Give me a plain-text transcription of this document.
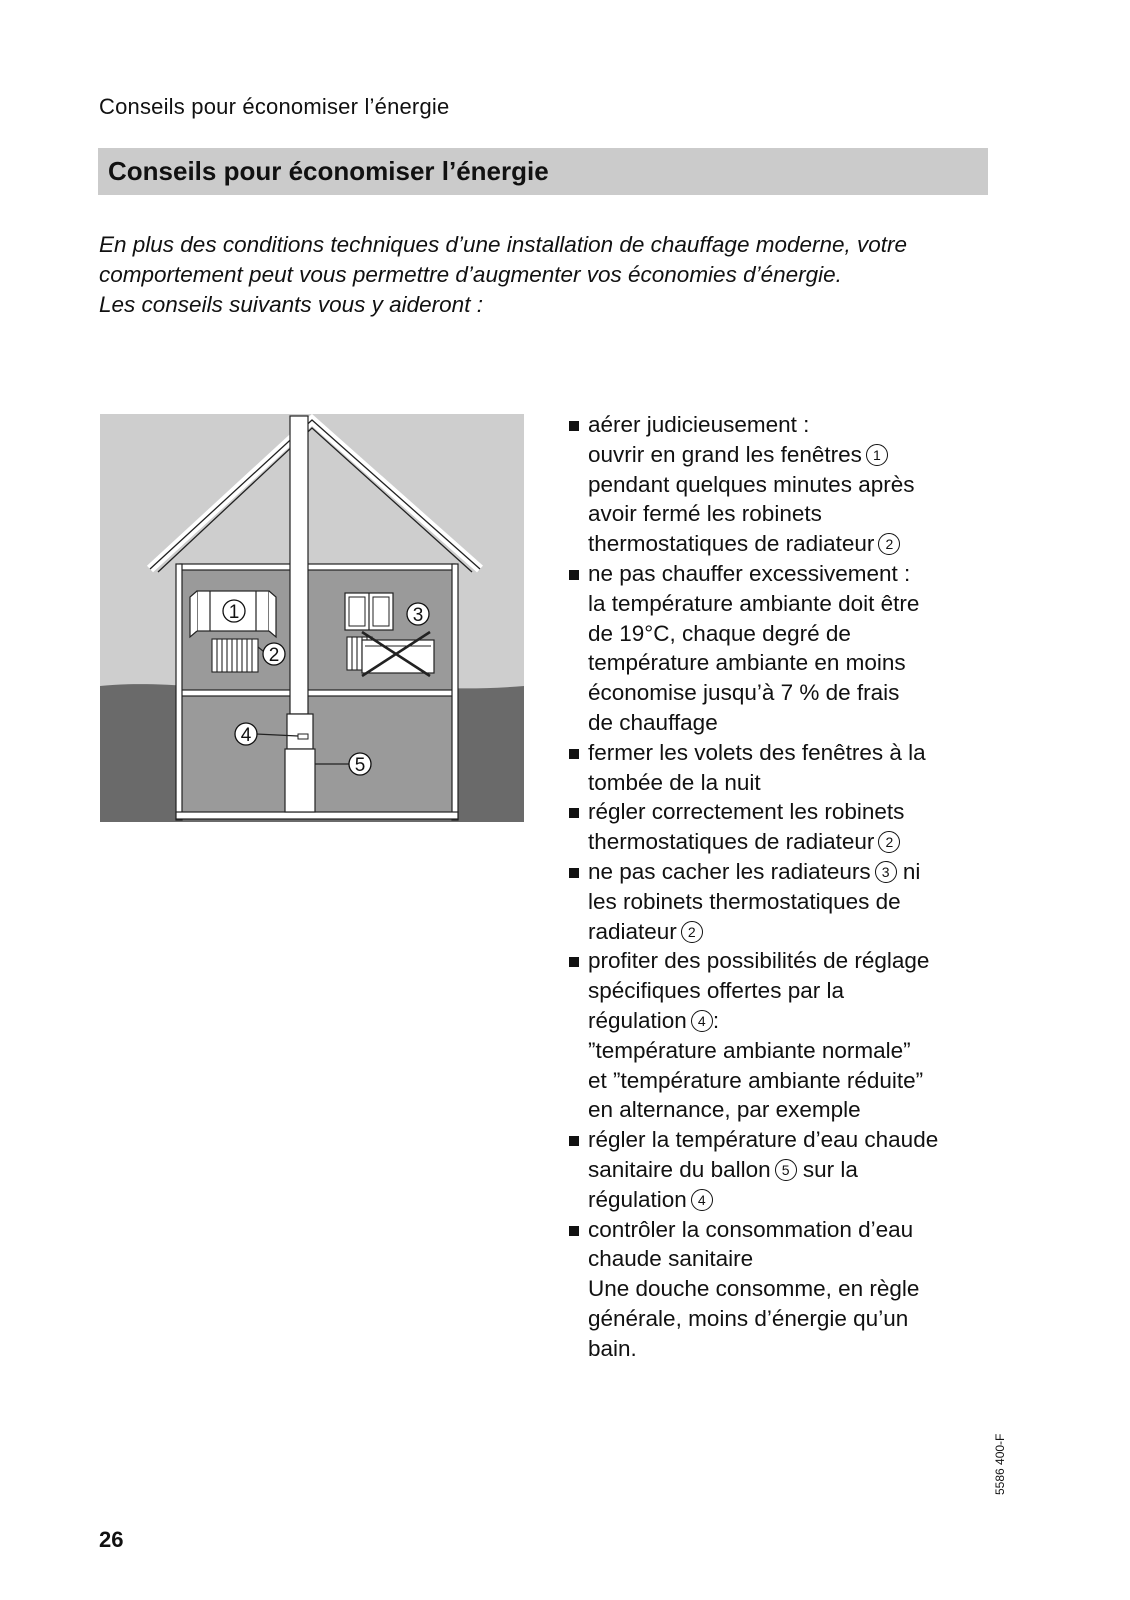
Conseils pour économiser l’énergie
Conseils pour économiser l’énergie

En plus des conditions techniques d’une installation de chauffage moderne, votre comportement peut vous permettre d’augmenter vos économies d’énergie.

Les conseils suivants vous y aideront :

1
2
3
4
5
aérer judicieusement :
ouvrir en grand les fenêtres 1
pendant quelques minutes après
avoir fermé les robinets
thermostatiques de radiateur 2
ne pas chauffer excessivement :
la température ambiante doit être
de 19°C, chaque degré de
température ambiante en moins
économise jusqu’à 7 % de frais
de chauffage
fermer les volets des fenêtres à la
tombée de la nuit
régler correctement les robinets
thermostatiques de radiateur 2
ne pas cacher les radiateurs 3 ni
les robinets thermostatiques de
radiateur 2
profiter des possibilités de réglage
spécifiques offertes par la
régulation 4 :
”température ambiante normale”
et ”température ambiante réduite”
en alternance, par exemple
régler la température d’eau chaude
sanitaire du ballon 5 sur la
régulation 4
contrôler la consommation d’eau
chaude sanitaire
Une douche consomme, en règle
générale, moins d’énergie qu’un
bain.
5586 400-F
26
